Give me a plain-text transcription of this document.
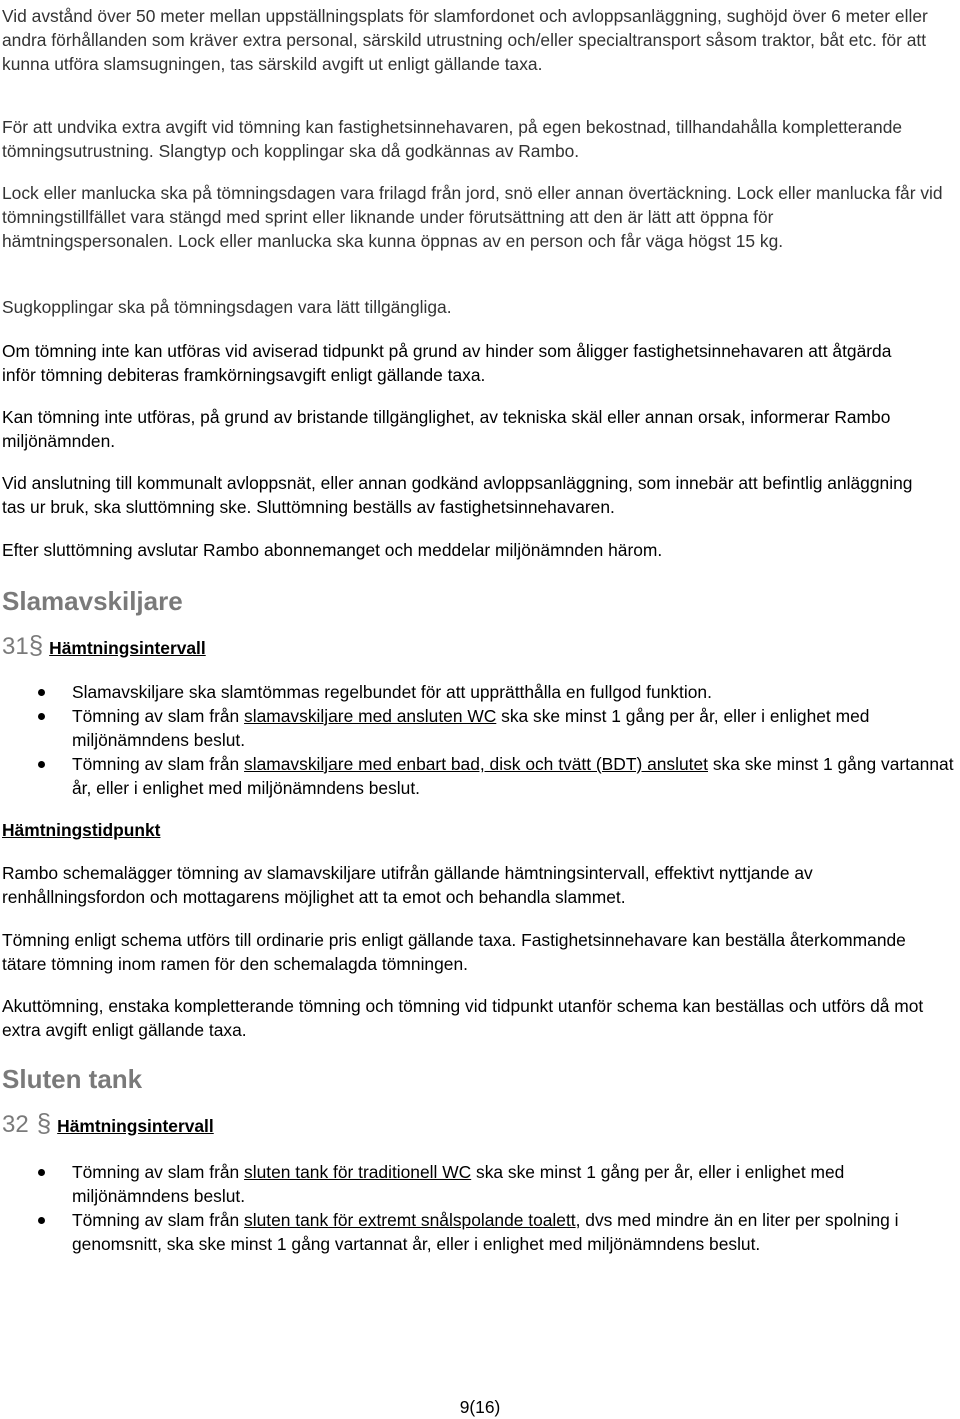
Vid avstånd över 50 meter mellan uppställningsplats för slamfordonet och avloppsanläggning, sughöjd över 6 meter eller andra förhållanden som kräver extra personal, särskild utrustning och/eller specialtransport såsom traktor, båt etc. för att kunna utföra slamsugningen, tas särskild avgift ut enligt gällande taxa.

För att undvika extra avgift vid tömning kan fastighetsinnehavaren, på egen bekostnad, tillhandahålla kompletterande tömningsutrustning. Slangtyp och kopplingar ska då godkännas av Rambo.

Lock eller manlucka ska på tömningsdagen vara frilagd från jord, snö eller annan övertäckning. Lock eller manlucka får vid tömningstillfället vara stängd med sprint eller liknande under förutsättning att den är lätt att öppna för hämtningspersonalen. Lock eller manlucka ska kunna öppnas av en person och får väga högst 15 kg.

Sugkopplingar ska på tömningsdagen vara lätt tillgängliga.

Om tömning inte kan utföras vid aviserad tidpunkt på grund av hinder som åligger fastighetsinnehavaren att åtgärda inför tömning debiteras framkörningsavgift enligt gällande taxa.

Kan tömning inte utföras, på grund av bristande tillgänglighet, av tekniska skäl eller annan orsak, informerar Rambo miljönämnden.

Vid anslutning till kommunalt avloppsnät, eller annan godkänd avloppsanläggning, som innebär att befintlig anläggning tas ur bruk, ska sluttömning ske. Sluttömning beställs av fastighetsinnehavaren.

Efter sluttömning avslutar Rambo abonnemanget och meddelar miljönämnden härom.

Slamavskiljare
31 § Hämtningsintervall
Slamavskiljare ska slamtömmas regelbundet för att upprätthålla en fullgod funktion.
Tömning av slam från slamavskiljare med ansluten WC ska ske minst 1 gång per år, eller i enlighet med miljönämndens beslut.
Tömning av slam från slamavskiljare med enbart bad, disk och tvätt (BDT) anslutet ska ske minst 1 gång vartannat år, eller i enlighet med miljönämndens beslut.

Hämtningstidpunkt

Rambo schemalägger tömning av slamavskiljare utifrån gällande hämtningsintervall, effektivt nyttjande av renhållningsfordon och mottagarens möjlighet att ta emot och behandla slammet.

Tömning enligt schema utförs till ordinarie pris enligt gällande taxa. Fastighetsinnehavare kan beställa återkommande tätare tömning inom ramen för den schemalagda tömningen.

Akuttömning, enstaka kompletterande tömning och tömning vid tidpunkt utanför schema kan beställas och utförs då mot extra avgift enligt gällande taxa.

Sluten tank
32 § Hämtningsintervall
Tömning av slam från sluten tank för traditionell WC ska ske minst 1 gång per år, eller i enlighet med miljönämndens beslut.
Tömning av slam från sluten tank för extremt snålspolande toalett, dvs med mindre än en liter per spolning i genomsnitt, ska ske minst 1 gång vartannat år, eller i enlighet med miljönämndens beslut.
9(16)
